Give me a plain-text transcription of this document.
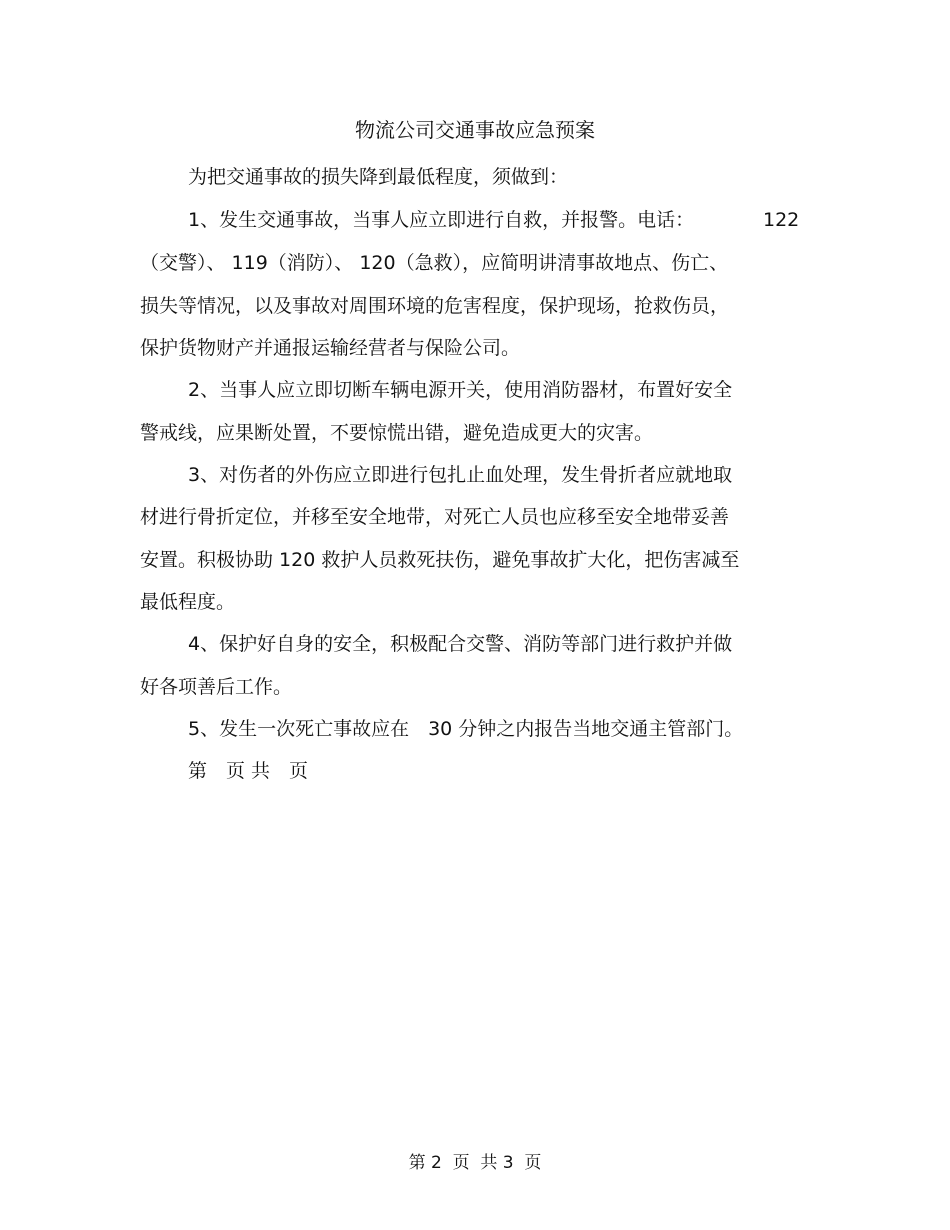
物流公司交通事故应急预案
为把交通事故的损失降到最低程度，须做到：
1、发生交通事故，当事人应立即进行自救，并报警。电话：	122
（交警）、 119（消防）、 120（急救），应简明讲清事故地点、伤亡、
损失等情况，以及事故对周围环境的危害程度，保护现场，抢救伤员，
保护货物财产并通报运输经营者与保险公司。
2、当事人应立即切断车辆电源开关，使用消防器材，布置好安全
警戒线，应果断处置，不要惊慌出错，避免造成更大的灾害。
3、对伤者的外伤应立即进行包扎止血处理，发生骨折者应就地取
材进行骨折定位，并移至安全地带，对死亡人员也应移至安全地带妥善
安置。积极协助 120 救护人员救死扶伤，避免事故扩大化，把伤害减至
最低程度。
4、保护好自身的安全，积极配合交警、消防等部门进行救护并做
好各项善后工作。
5、发生一次死亡事故应在　30 分钟之内报告当地交通主管部门。
第　页 共　页
第 2  页  共 3  页
